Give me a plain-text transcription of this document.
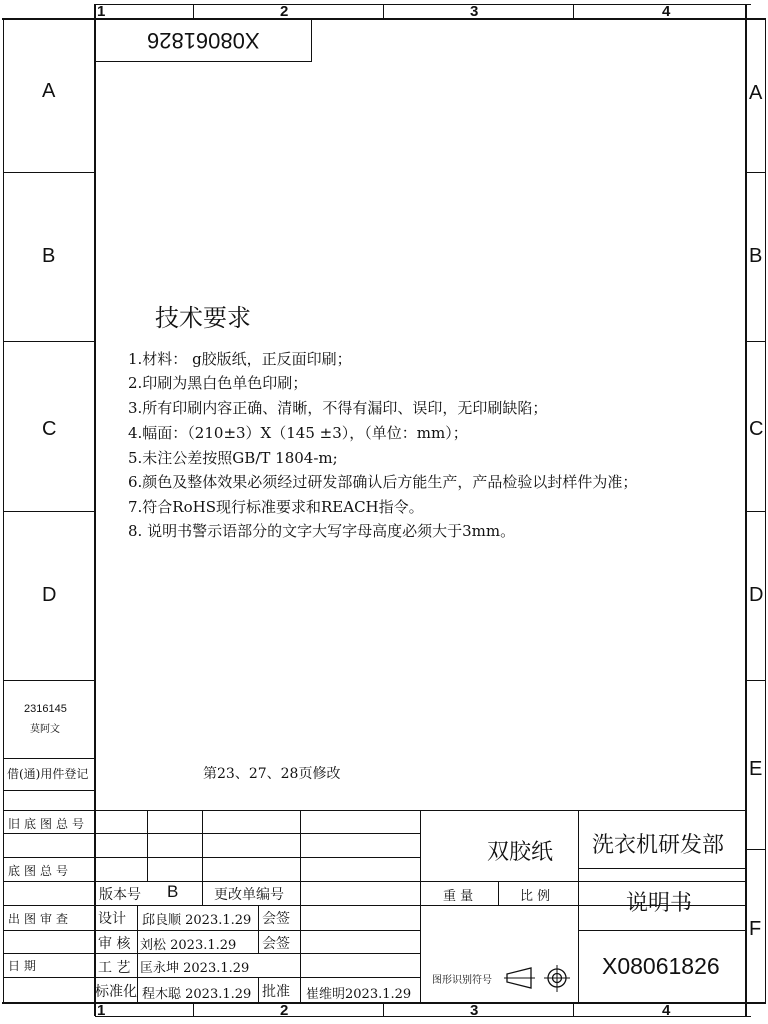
1	2	3	4
1	2	3	4
A
B
C
D
A
B
C
D
E
F
X08061826
技术要求
1.材料： g胶版纸，正反面印刷；
2.印刷为黑白色单色印刷；
3.所有印刷内容正确、清晰，不得有漏印、误印，无印刷缺陷；
4.幅面：（210±3）X（145 ±3），（单位：mm）；
5.未注公差按照GB/T 1804-m;
6.颜色及整体效果必须经过研发部确认后方能生产，产品检验以封样件为准；
7.符合RoHS现行标准要求和REACH指令。
8. 说明书警示语部分的文字大写字母高度必须大于3mm。
2316145
莫阿文
第23、27、28页修改
借(通)用件登记
旧底图总号
底图总号
出图审查
日 期
版本号 B	更改单编号
设计 邱良顺 2023.1.29 会签
审 核 刘松 2023.1.29 会签
工 艺 匡永坤 2023.1.29
标准化 程木聪 2023.1.29 批准 崔维明2023.1.29
双胶纸 洗衣机研发部
说明书
X08061826
重 量	比 例
图形识别符号
